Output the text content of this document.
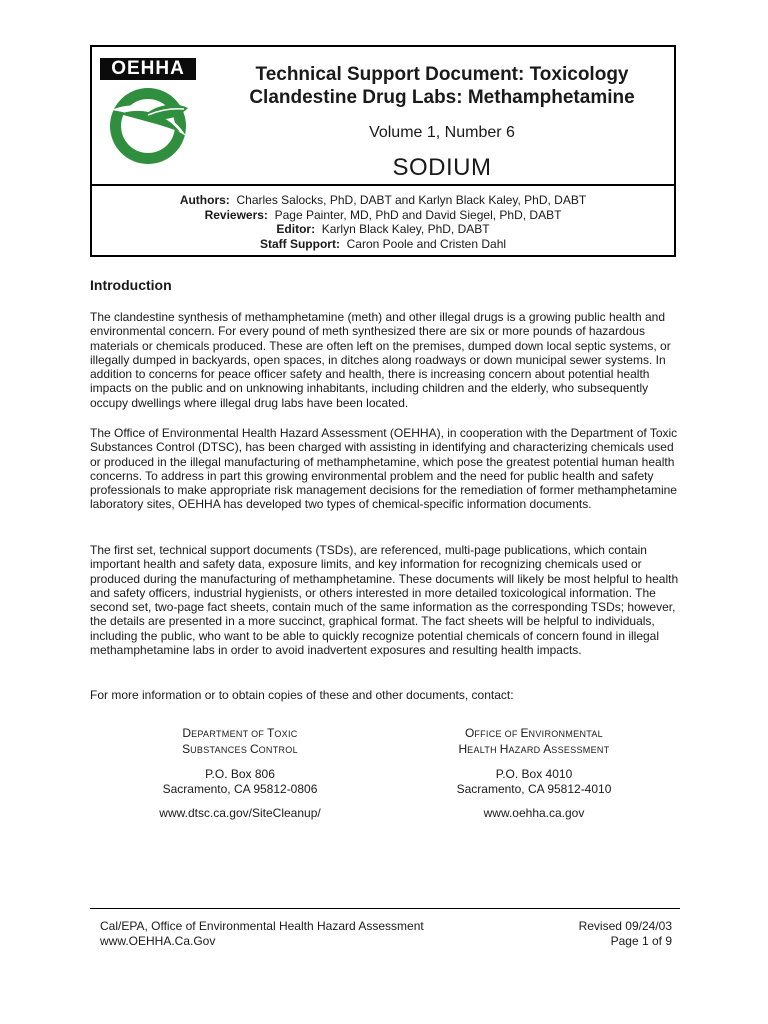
OEHHA	Technical Support Document: Toxicology
Clandestine Drug Labs: Methamphetamine
Volume 1, Number 6
SODIUM
Authors: Charles Salocks, PhD, DABT and Karlyn Black Kaley, PhD, DABT
Reviewers: Page Painter, MD, PhD and David Siegel, PhD, DABT
Editor: Karlyn Black Kaley, PhD, DABT
Staff Support: Caron Poole and Cristen Dahl
Introduction

The clandestine synthesis of methamphetamine (meth) and other illegal drugs is a growing public health and environmental concern. For every pound of meth synthesized there are six or more pounds of hazardous materials or chemicals produced. These are often left on the premises, dumped down local septic systems, or illegally dumped in backyards, open spaces, in ditches along roadways or down municipal sewer systems. In addition to concerns for peace officer safety and health, there is increasing concern about potential health impacts on the public and on unknowing inhabitants, including children and the elderly, who subsequently occupy dwellings where illegal drug labs have been located.

The Office of Environmental Health Hazard Assessment (OEHHA), in cooperation with the Department of Toxic Substances Control (DTSC), has been charged with assisting in identifying and characterizing chemicals used or produced in the illegal manufacturing of methamphetamine, which pose the greatest potential human health concerns. To address in part this growing environmental problem and the need for public health and safety professionals to make appropriate risk management decisions for the remediation of former methamphetamine laboratory sites, OEHHA has developed two types of chemical-specific information documents.

The first set, technical support documents (TSDs), are referenced, multi-page publications, which contain important health and safety data, exposure limits, and key information for recognizing chemicals used or produced during the manufacturing of methamphetamine. These documents will likely be most helpful to health and safety officers, industrial hygienists, or others interested in more detailed toxicological information. The second set, two-page fact sheets, contain much of the same information as the corresponding TSDs; however, the details are presented in a more succinct, graphical format. The fact sheets will be helpful to individuals, including the public, who want to be able to quickly recognize potential chemicals of concern found in illegal methamphetamine labs in order to avoid inadvertent exposures and resulting health impacts.

For more information or to obtain copies of these and other documents, contact:

DEPARTMENT OF TOXIC
SUBSTANCES CONTROL
P.O. Box 806
Sacramento, CA 95812-0806
www.dtsc.ca.gov/SiteCleanup/
OFFICE OF ENVIRONMENTAL
HEALTH HAZARD ASSESSMENT
P.O. Box 4010
Sacramento, CA 95812-4010
www.oehha.ca.gov
Cal/EPA, Office of Environmental Health Hazard Assessment
www.OEHHA.Ca.Gov
Revised 09/24/03
Page 1 of 9
